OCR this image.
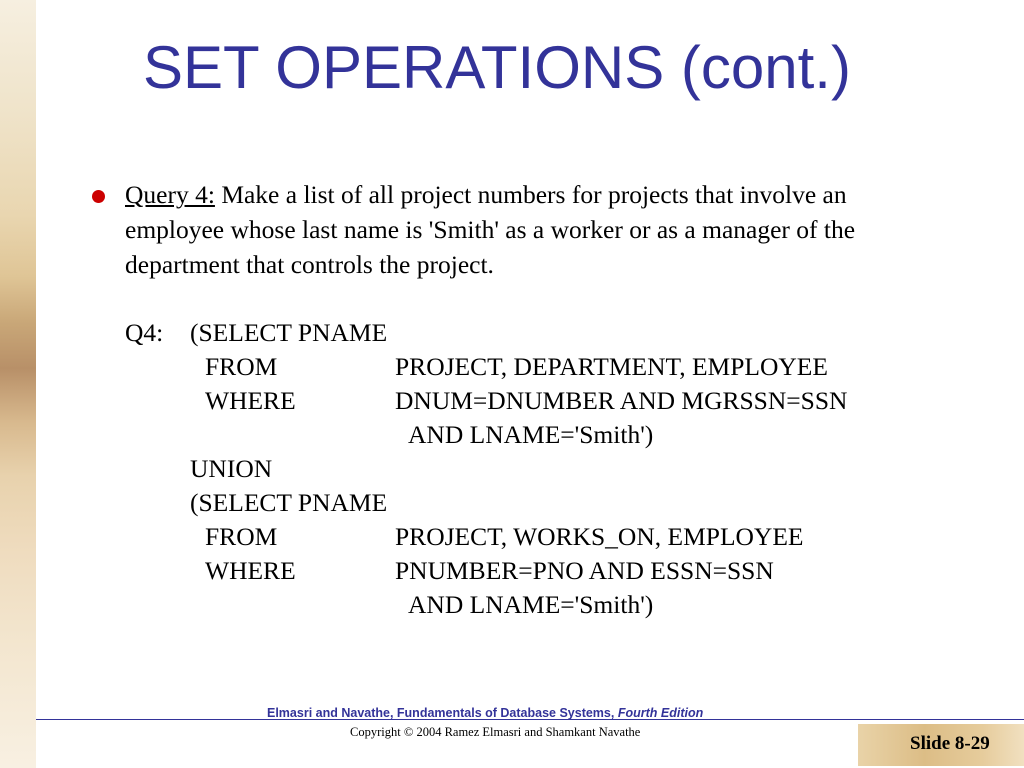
SET OPERATIONS (cont.)
Query 4: Make a list of all project numbers for projects that involve an employee whose last name is 'Smith' as a worker or as a manager of the department that controls the project.
Q4: (SELECT PNAME
FROM	PROJECT, DEPARTMENT, EMPLOYEE
WHERE	DNUM=DNUMBER AND MGRSSN=SSN
AND LNAME='Smith')
UNION
(SELECT PNAME
FROM	PROJECT, WORKS_ON, EMPLOYEE
WHERE	PNUMBER=PNO AND ESSN=SSN
AND LNAME='Smith')
Elmasri and Navathe, Fundamentals of Database Systems, Fourth Edition
Copyright © 2004 Ramez Elmasri and Shamkant Navathe
Slide 8-29
